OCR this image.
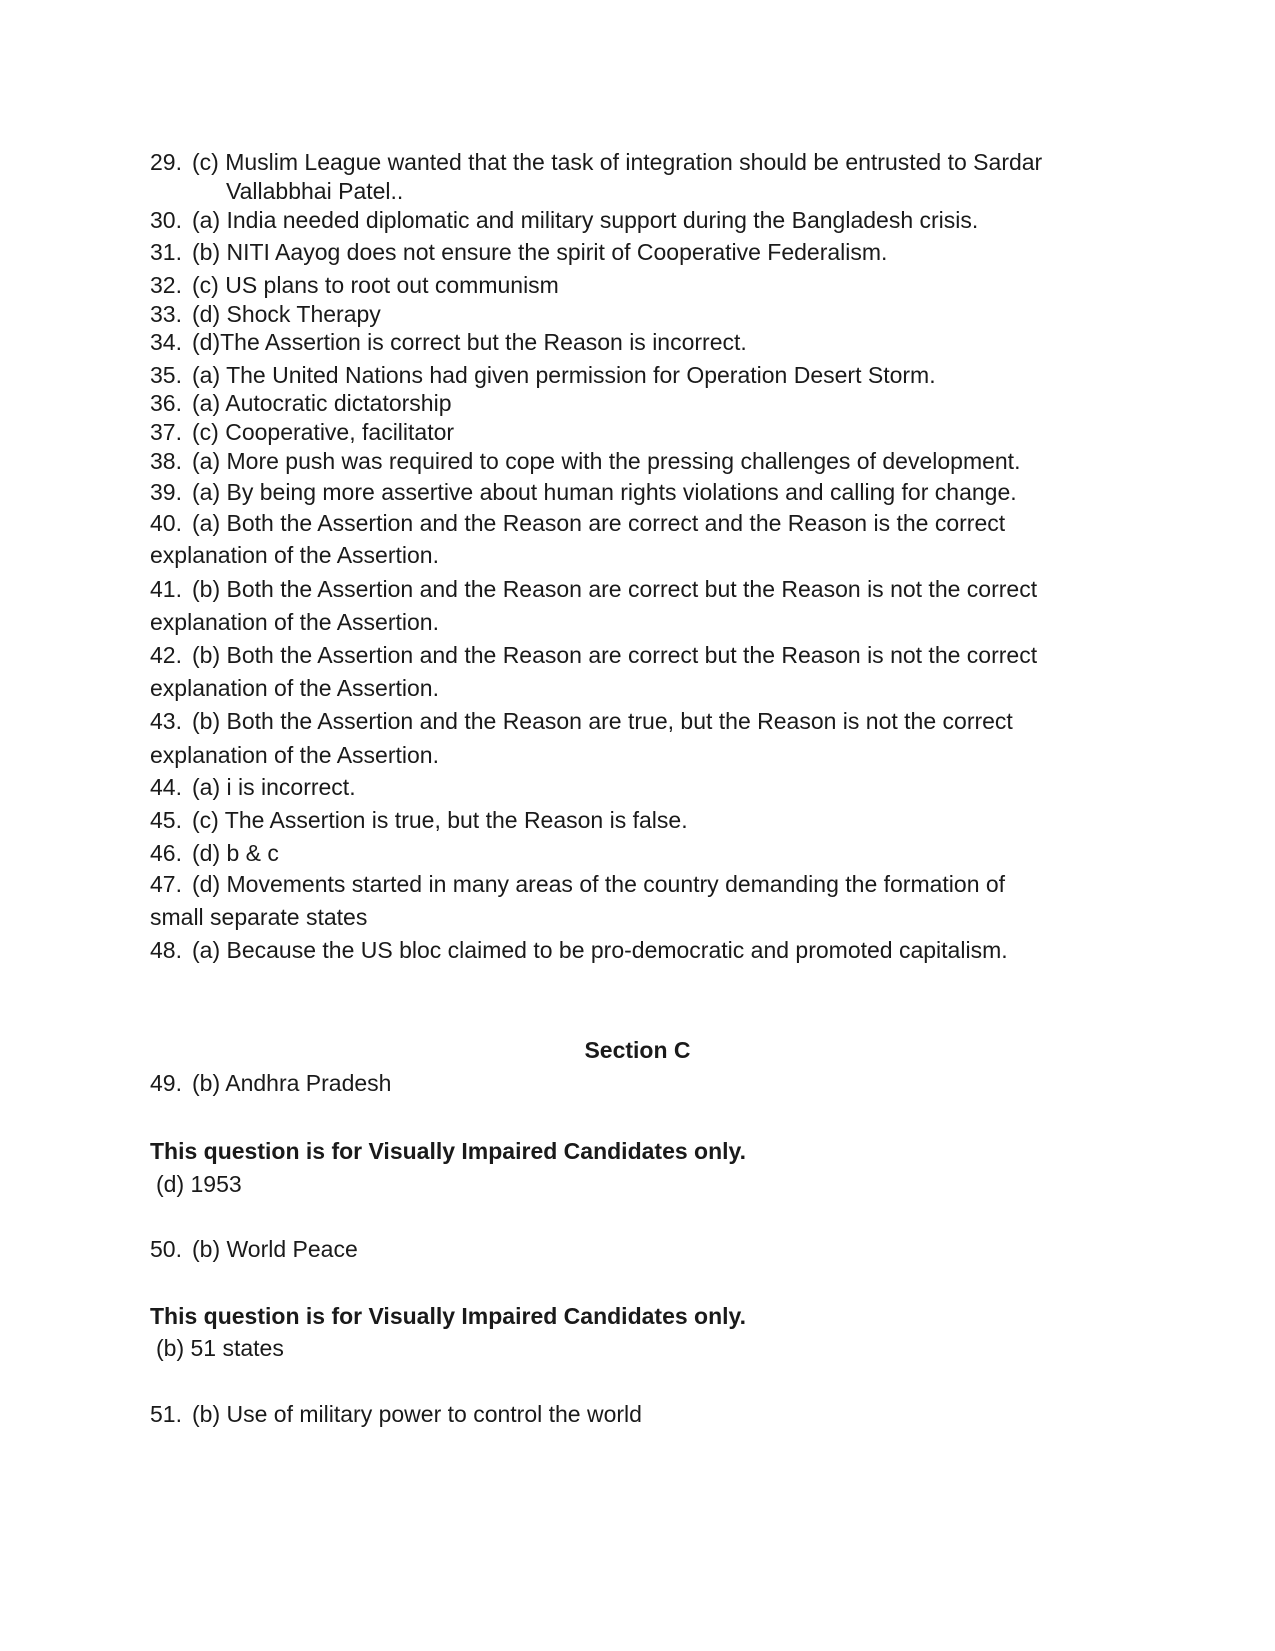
29. (c) Muslim League wanted that the task of integration should be entrusted to Sardar
Vallabbhai Patel..
30. (a) India needed diplomatic and military support during the Bangladesh crisis.
31. (b) NITI Aayog does not ensure the spirit of Cooperative Federalism.
32. (c) US plans to root out communism
33. (d) Shock Therapy
34. (d)The Assertion is correct but the Reason is incorrect.
35. (a) The United Nations had given permission for Operation Desert Storm.
36. (a) Autocratic dictatorship
37. (c) Cooperative, facilitator
38. (a) More push was required to cope with the pressing challenges of development.
39. (a) By being more assertive about human rights violations and calling for change.
40. (a) Both the Assertion and the Reason are correct and the Reason is the correct
explanation of the Assertion.
41. (b) Both the Assertion and the Reason are correct but the Reason is not the correct
explanation of the Assertion.
42. (b) Both the Assertion and the Reason are correct but the Reason is not the correct
explanation of the Assertion.
43. (b) Both the Assertion and the Reason are true, but the Reason is not the correct
explanation of the Assertion.
44. (a) i is incorrect.
45. (c) The Assertion is true, but the Reason is false.
46. (d) b & c
47. (d) Movements started in many areas of the country demanding the formation of
small separate states
48. (a) Because the US bloc claimed to be pro-democratic and promoted capitalism.
Section C
49. (b) Andhra Pradesh
This question is for Visually Impaired Candidates only.
(d) 1953
50. (b) World Peace
This question is for Visually Impaired Candidates only.
(b) 51 states
51. (b) Use of military power to control the world
